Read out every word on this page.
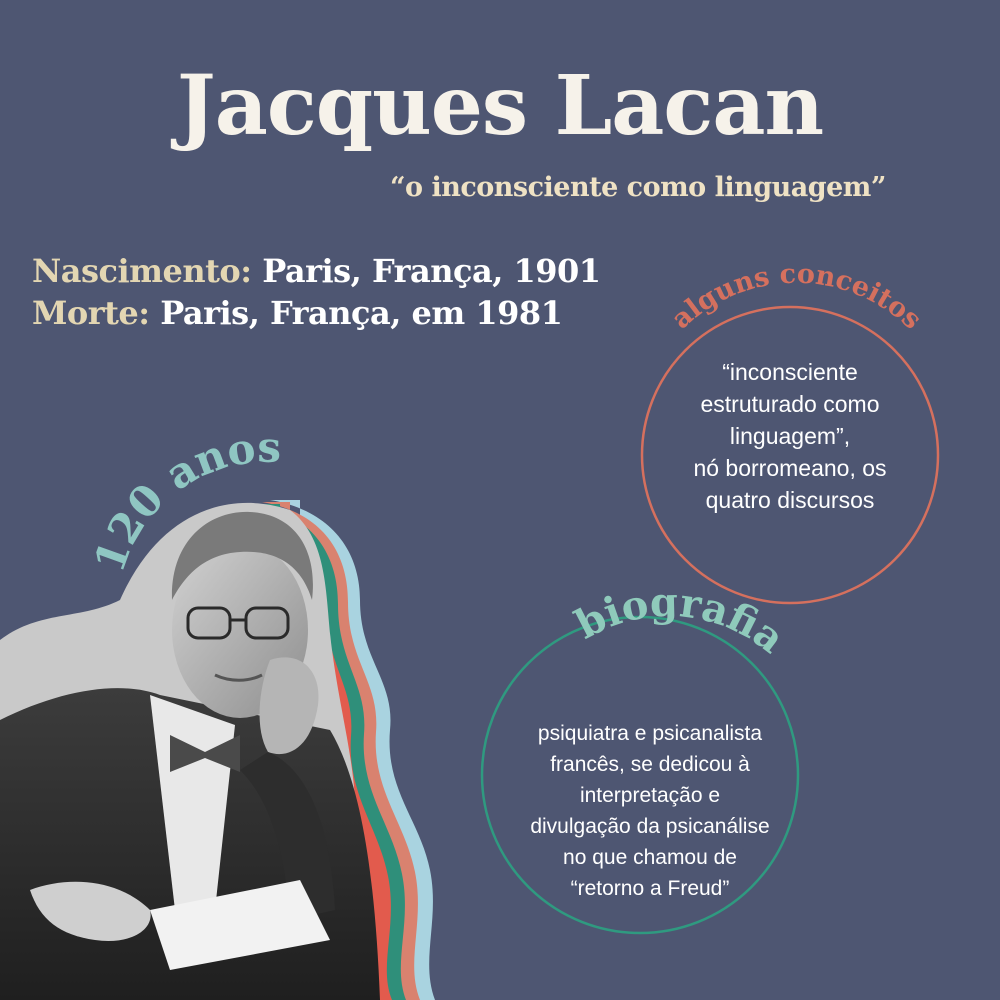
Jacques Lacan

“o inconsciente como linguagem”

Nascimento: Paris, França, 1901
Morte: Paris, França, em 1981	alguns conceitos
biografia
“inconsciente
estruturado como
linguagem”,
nó borromeano, os
quatro discursos
psiquiatra e psicanalista
francês, se dedicou à
interpretação e
divulgação da psicanálise
no que chamou de
“retorno a Freud”
120 anos
